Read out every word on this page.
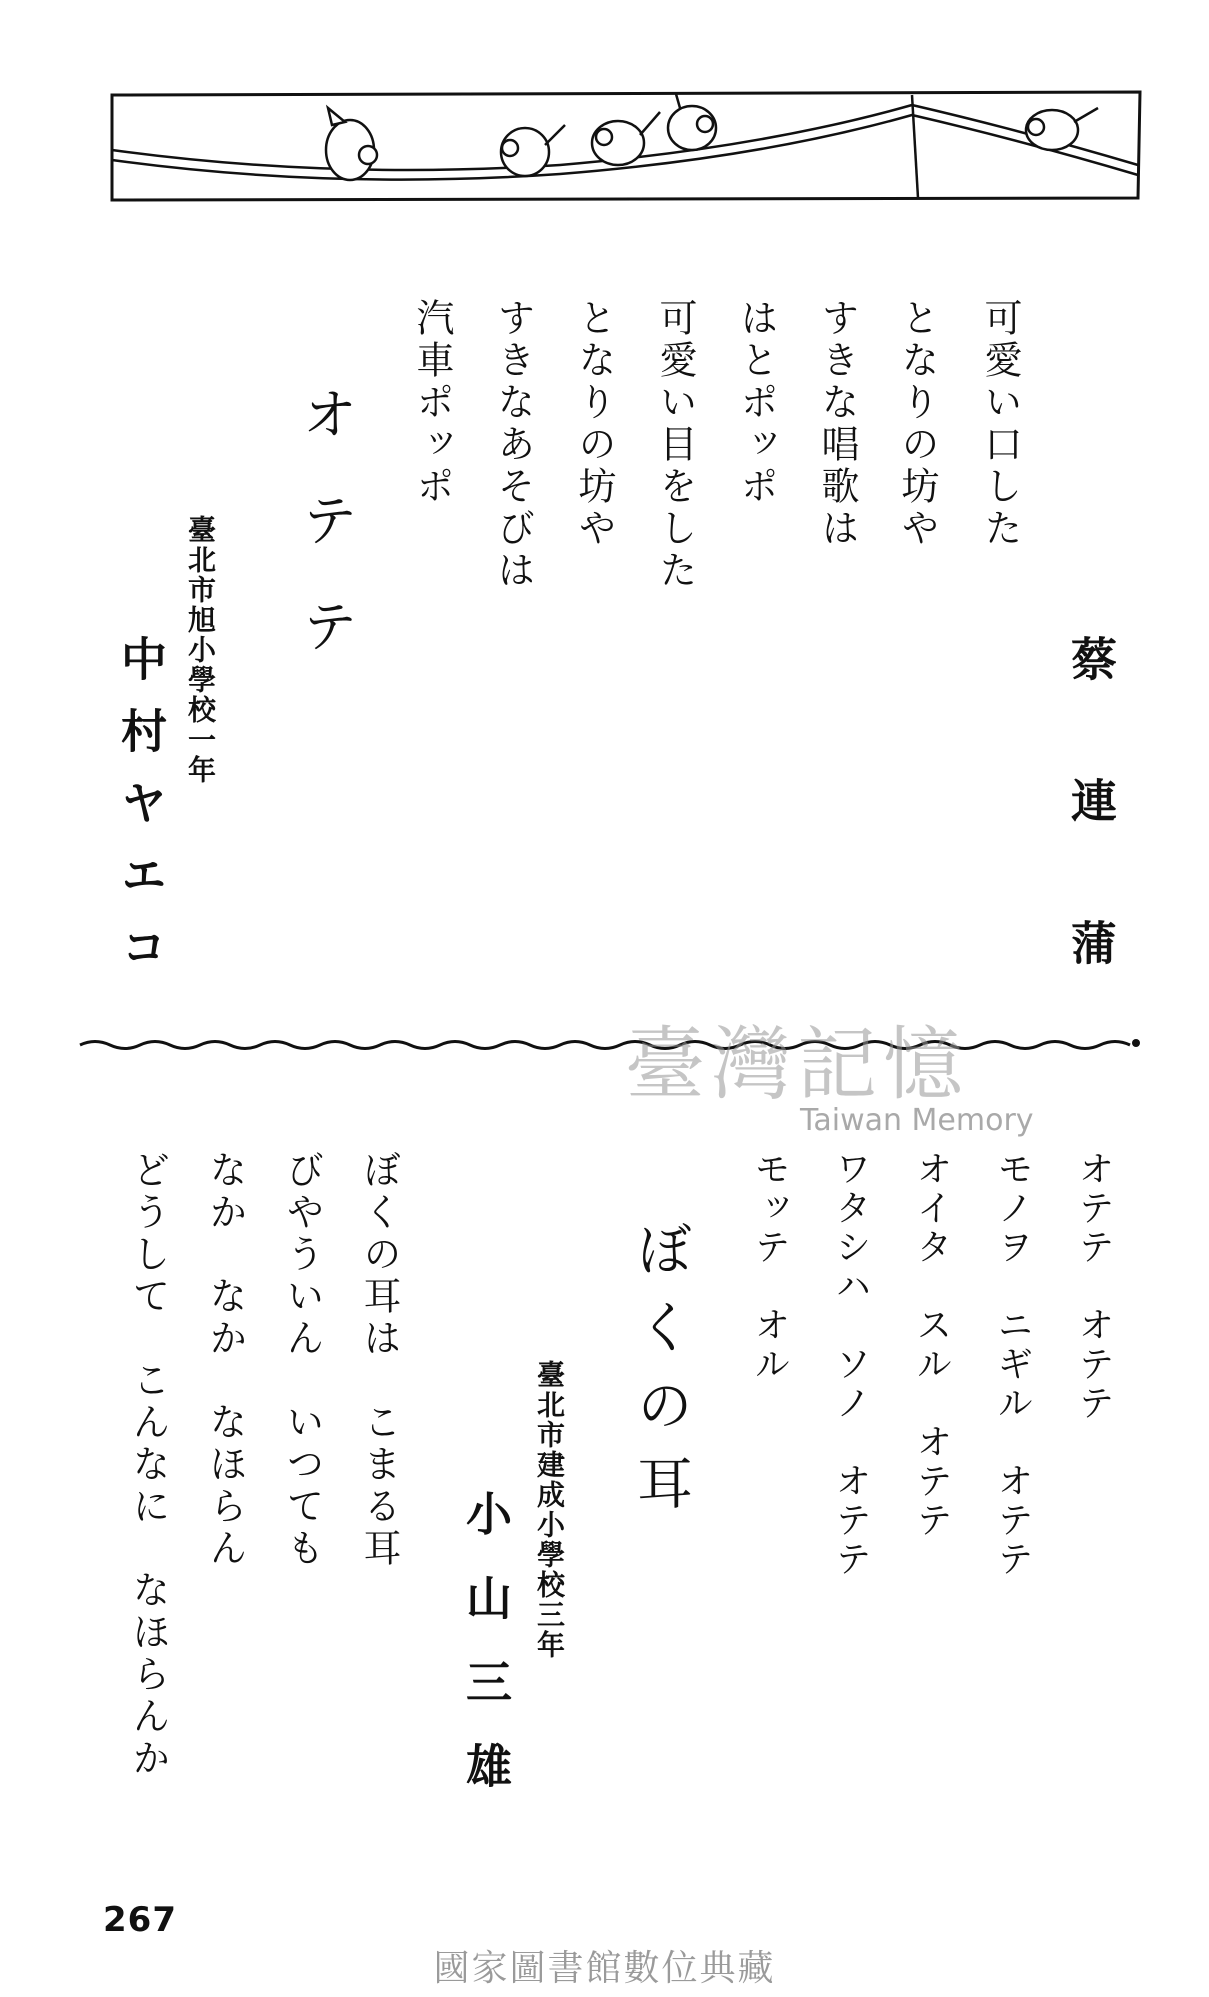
可愛い口した
となりの坊や
すきな唱歌は
はとポッポ
可愛い目をした
となりの坊や
すきなあそびは
汽車ポッポ
蔡 連 蒲
オテテ
臺北市旭小學校一年
中村ヤエコ
オテテ　オテテ
モノヲ　ニギル　オテテ
オイタ　スル　オテテ
ワタシハ　ソノ　オテテ
モッテ　オル
ぼくの耳
臺北市建成小學校三年
小山三雄
ぼくの耳は　こまる耳
びやういん　いつても
なか　なか　なほらん
どうして　こんなに　なほらんか
臺灣記憶
Taiwan Memory
267
國家圖書館數位典藏
